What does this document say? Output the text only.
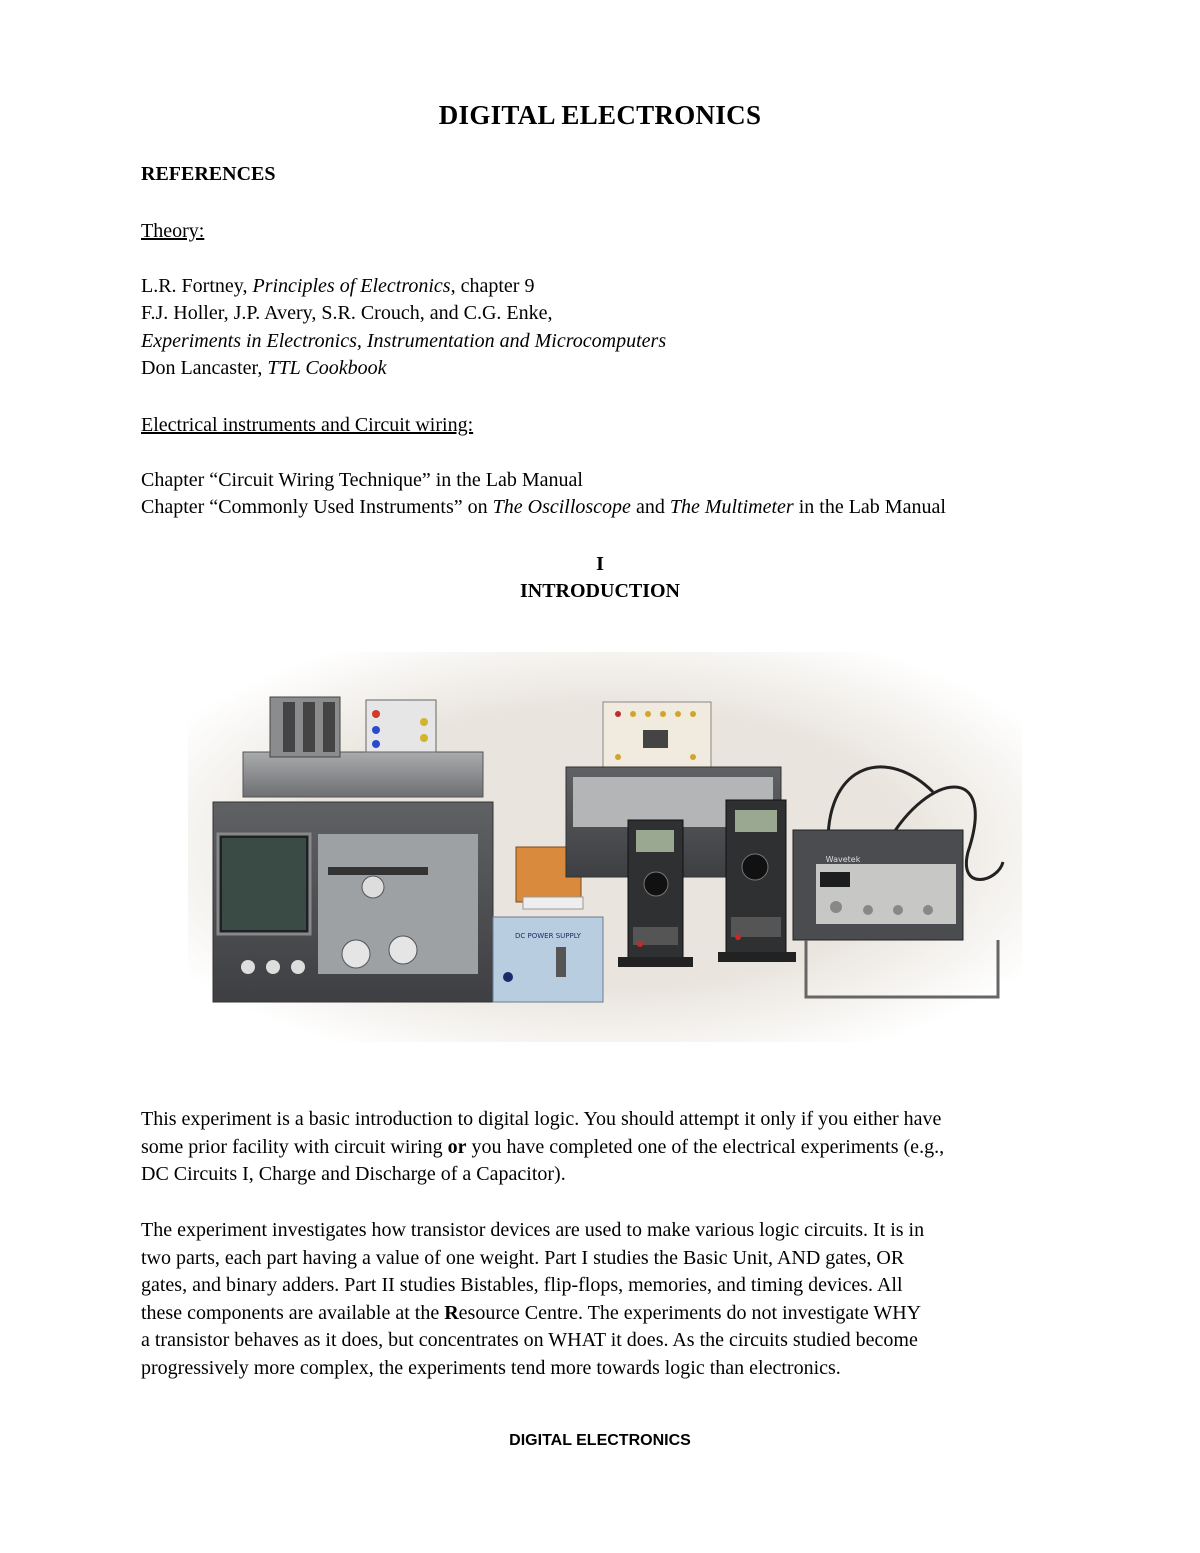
DIGITAL ELECTRONICS
REFERENCES
Theory:
L.R. Fortney, Principles of Electronics, chapter 9
F.J. Holler, J.P. Avery, S.R. Crouch, and C.G. Enke,
Experiments in Electronics, Instrumentation and Microcomputers
Don Lancaster, TTL Cookbook
Electrical instruments and Circuit wiring:
Chapter “Circuit Wiring Technique” in the Lab Manual
Chapter “Commonly Used Instruments” on The Oscilloscope and The Multimeter in the Lab Manual
I
INTRODUCTION
DC POWER SUPPLY
Wavetek
This experiment is a basic introduction to digital logic. You should attempt it only if you either have
some prior facility with circuit wiring or you have completed one of the electrical experiments (e.g.,
DC Circuits I, Charge and Discharge of a Capacitor).
The experiment investigates how transistor devices are used to make various logic circuits. It is in
two parts, each part having a value of one weight. Part I studies the Basic Unit, AND gates, OR
gates, and binary adders. Part II studies Bistables, flip-flops, memories, and timing devices. All
these components are available at the Resource Centre. The experiments do not investigate WHY
a transistor behaves as it does, but concentrates on WHAT it does. As the circuits studied become
progressively more complex, the experiments tend more towards logic than electronics.
DIGITAL ELECTRONICS
